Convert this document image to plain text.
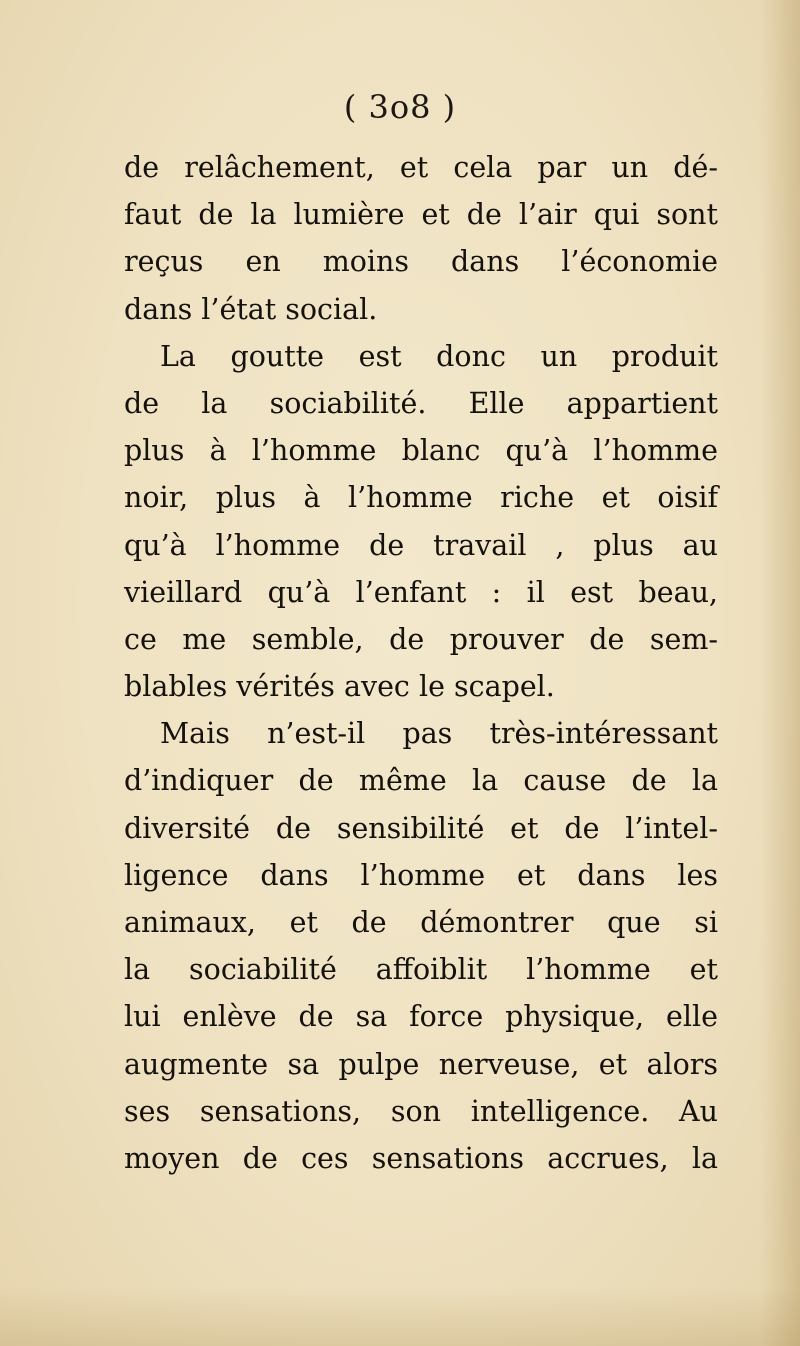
( 3o8 )
de relâchement, et cela par un dé-
faut de la lumière et de l’air qui sont
reçus en moins dans l’économie
dans l’état social.
La goutte est donc un produit
de la sociabilité. Elle appartient
plus à l’homme blanc qu’à l’homme
noir, plus à l’homme riche et oisif
qu’à l’homme de travail , plus au
vieillard qu’à l’enfant : il est beau,
ce me semble, de prouver de sem-
blables vérités avec le scapel.
Mais n’est-il pas très-intéressant
d’indiquer de même la cause de la
diversité de sensibilité et de l’intel-
ligence dans l’homme et dans les
animaux, et de démontrer que si
la sociabilité affoiblit l’homme et
lui enlève de sa force physique, elle
augmente sa pulpe nerveuse, et alors
ses sensations, son intelligence. Au
moyen de ces sensations accrues, la
